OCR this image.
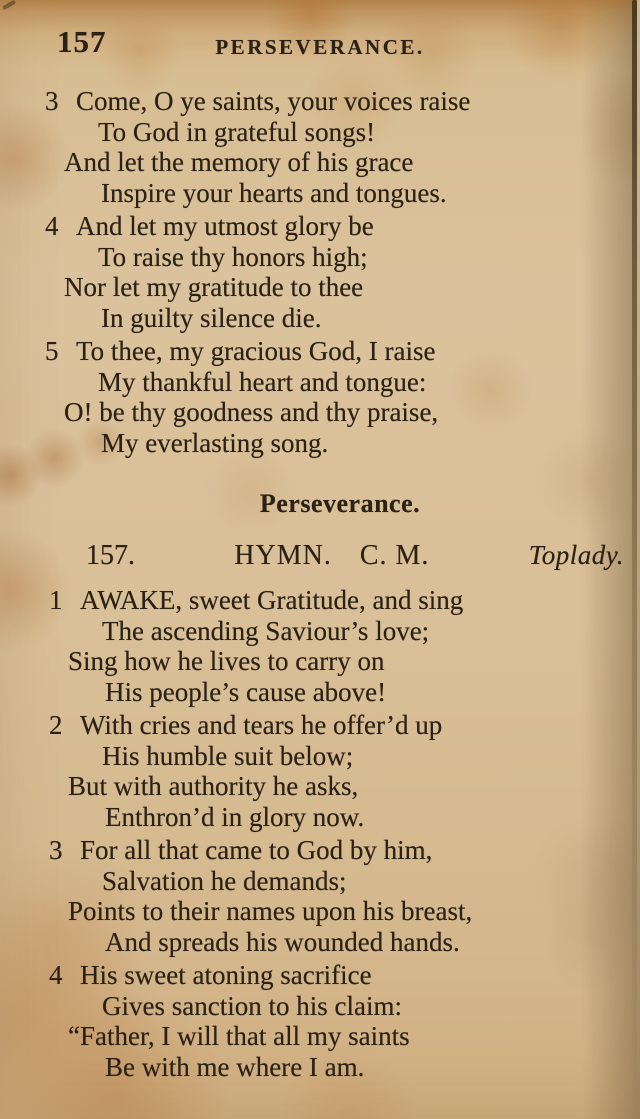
157	PERSEVERANCE.
3 Come, O ye saints, your voices raise
To God in grateful songs!
And let the memory of his grace
Inspire your hearts and tongues.
4 And let my utmost glory be
To raise thy honors high;
Nor let my gratitude to thee
In guilty silence die.
5 To thee, my gracious God, I raise
My thankful heart and tongue:
O! be thy goodness and thy praise,
My everlasting song.
Perseverance.
157.	HYMN. C. M.	Toplady.
1 AWAKE, sweet Gratitude, and sing
The ascending Saviour’s love;
Sing how he lives to carry on
His people’s cause above!
2 With cries and tears he offer’d up
His humble suit below;
But with authority he asks,
Enthron’d in glory now.
3 For all that came to God by him,
Salvation he demands;
Points to their names upon his breast,
And spreads his wounded hands.
4 His sweet atoning sacrifice
Gives sanction to his claim:
“Father, I will that all my saints
Be with me where I am.
